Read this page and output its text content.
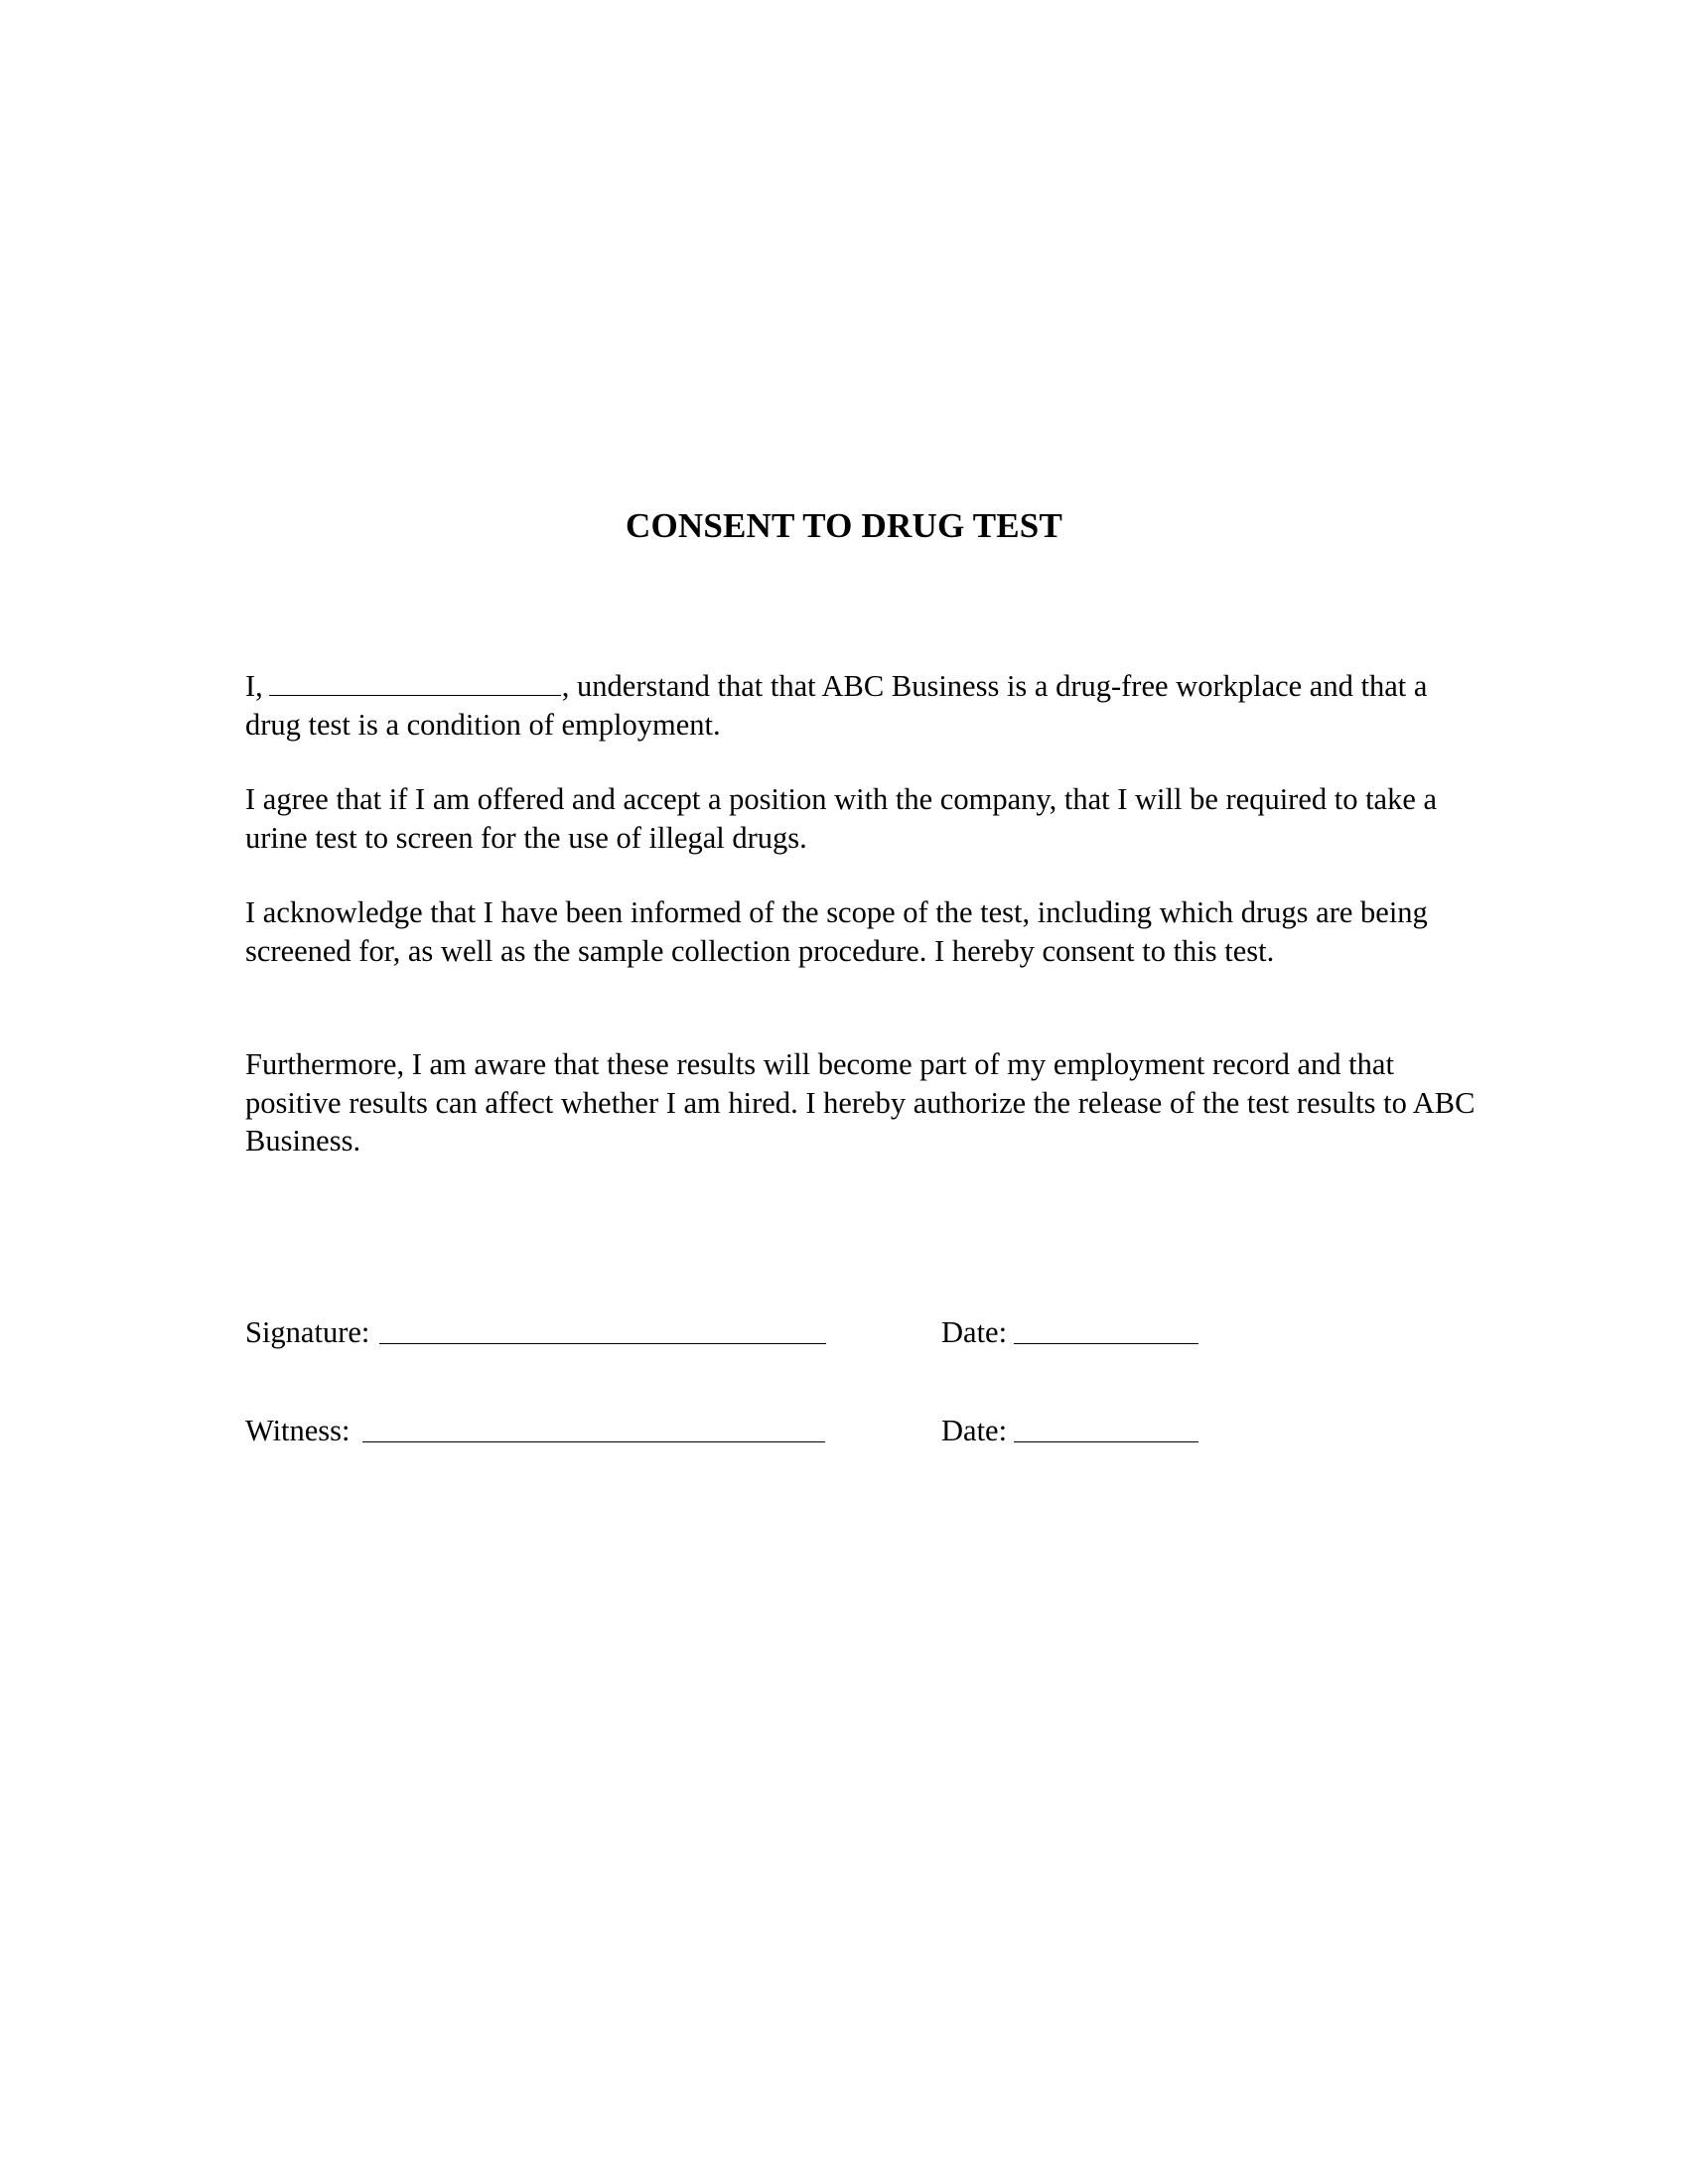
CONSENT TO DRUG TEST
I,	, understand that that ABC Business is a drug-free workplace and that a drug test is a condition of employment.
I agree that if I am offered and accept a position with the company, that I will be required to take a urine test to screen for the use of illegal drugs.
I acknowledge that I have been informed of the scope of the test, including which drugs are being screened for, as well as the sample collection procedure. I hereby consent to this test.
Furthermore, I am aware that these results will become part of my employment record and that positive results can affect whether I am hired. I hereby authorize the release of the test results to ABC Business.
Signature:	Date:
Witness:	Date:
